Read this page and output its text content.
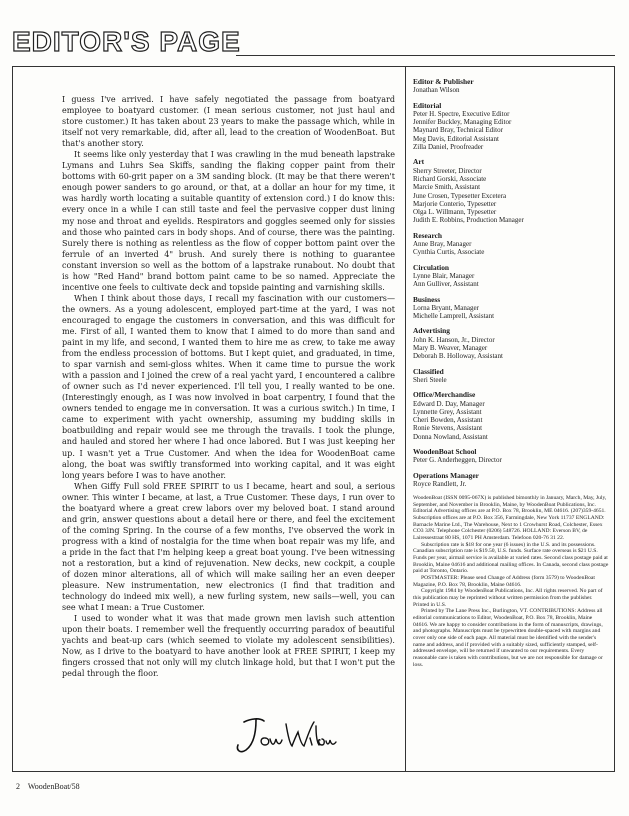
EDITOR'S PAGE

I guess I've arrived. I have safely negotiated the passage from boatyard employee to boatyard customer. (I mean serious customer, not just haul and store customer.) It has taken about 23 years to make the passage which, while in itself not very remarkable, did, after all, lead to the creation of WoodenBoat. But that's another story.

It seems like only yesterday that I was crawling in the mud beneath lapstrake Lymans and Luhrs Sea Skiffs, sanding the flaking copper paint from their bottoms with 60-grit paper on a 3M sanding block. (It may be that there weren't enough power sanders to go around, or that, at a dollar an hour for my time, it was hardly worth locating a suitable quantity of extension cord.) I do know this: every once in a while I can still taste and feel the pervasive copper dust lining my nose and throat and eyelids. Respirators and goggles seemed only for sissies and those who painted cars in body shops. And of course, there was the painting. Surely there is nothing as relentless as the flow of copper bottom paint over the ferrule of an inverted 4" brush. And surely there is nothing to guarantee constant inversion so well as the bottom of a lapstrake runabout. No doubt that is how "Red Hand" brand bottom paint came to be so named. Appreciate the incentive one feels to cultivate deck and topside painting and varnishing skills.

When I think about those days, I recall my fascination with our customers—the owners. As a young adolescent, employed part-time at the yard, I was not encouraged to engage the customers in conversation, and this was difficult for me. First of all, I wanted them to know that I aimed to do more than sand and paint in my life, and second, I wanted them to hire me as crew, to take me away from the endless procession of bottoms. But I kept quiet, and graduated, in time, to spar varnish and semi-gloss whites. When it came time to pursue the work with a passion and I joined the crew of a real yacht yard, I encountered a calibre of owner such as I'd never experienced. I'll tell you, I really wanted to be one. (Interestingly enough, as I was now involved in boat carpentry, I found that the owners tended to engage me in conversation. It was a curious switch.) In time, I came to experiment with yacht ownership, assuming my budding skills in boatbuilding and repair would see me through the travails. I took the plunge, and hauled and stored her where I had once labored. But I was just keeping her up. I wasn't yet a True Customer. And when the idea for WoodenBoat came along, the boat was swiftly transformed into working capital, and it was eight long years before I was to have another.

When Giffy Full sold FREE SPIRIT to us I became, heart and soul, a serious owner. This winter I became, at last, a True Customer. These days, I run over to the boatyard where a great crew labors over my beloved boat. I stand around and grin, answer questions about a detail here or there, and feel the excitement of the coming Spring. In the course of a few months, I've observed the work in progress with a kind of nostalgia for the time when boat repair was my life, and a pride in the fact that I'm helping keep a great boat young. I've been witnessing not a restoration, but a kind of rejuvenation. New decks, new cockpit, a couple of dozen minor alterations, all of which will make sailing her an even deeper pleasure. New instrumentation, new electronics (I find that tradition and technology do indeed mix well), a new furling system, new sails—well, you can see what I mean: a True Customer.

I used to wonder what it was that made grown men lavish such attention upon their boats. I remember well the frequently occurring paradox of beautiful yachts and beat-up cars (which seemed to violate my adolescent sensibilities). Now, as I drive to the boatyard to have another look at FREE SPIRIT, I keep my fingers crossed that not only will my clutch linkage hold, but that I won't put the pedal through the floor.

Editor & Publisher
Jonathan Wilson
Editorial
Peter H. Spectre, Executive Editor
Jennifer Buckley, Managing Editor
Maynard Bray, Technical Editor
Meg Davis, Editorial Assistant
Zilla Daniel, Proofreader
Art
Sherry Streeter, Director
Richard Gorski, Associate
Marcie Smith, Assistant
June Crosen, Typesetter Excetera
Marjorie Conterio, Typesetter
Olga L. Willmann, Typesetter
Judith E. Robbins, Production Manager
Research
Anne Bray, Manager
Cynthia Curtis, Associate
Circulation
Lynne Blair, Manager
Ann Gulliver, Assistant
Business
Lorna Bryant, Manager
Michelle Lamprell, Assistant
Advertising
John K. Hanson, Jr., Director
Mary B. Weaver, Manager
Deborah B. Holloway, Assistant
Classified
Sheri Steele
Office/Merchandise
Edward D. Day, Manager
Lynnette Grey, Assistant
Cheri Bowden, Assistant
Ronie Stevens, Assistant
Donna Nowland, Assistant
WoodenBoat School
Peter G. Anderheggen, Director
Operations Manager
Royce Randlett, Jr.
WoodenBoat (ISSN 0095-067X) is published bimonthly in January, March, May, July, September, and November in Brooklin, Maine, by WoodenBoat Publications, Inc. Editorial Advertising offices are at P.O. Box 78, Brooklin, ME 04616. (207)359-4651. Subscription offices are at P.O. Box 356, Farmingdale, New York 11737 ENGLAND: Barnacle Marine Ltd., The Warehouse, Next to 1 Crowhurst Road, Colchester, Essex CO3 3JN. Telephone Colchester (0206) 548726. HOLLAND: Everson BV, de Lairessestraat 80 HS, 1071 PH Amsterdam. Telefoon 020-76 31 22.
Subscription rate is $18 for one year (6 issues) in the U.S. and its possessions. Canadian subscription rate is $19.50, U.S. funds. Surface rate overseas is $21 U.S. Funds per year, airmail service is available at varied rates. Second class postage paid at Brooklin, Maine 04616 and additional mailing offices. In Canada, second class postage paid at Toronto, Ontario.
POSTMASTER: Please send Change of Address (form 3579) to WoodenBoat Magazine, P.O. Box 78, Brooklin, Maine 04616.
Copyright 1984 by WoodenBoat Publications, Inc. All rights reserved. No part of this publication may be reprinted without written permission from the publisher. Printed in U.S.
Printed by The Lane Press Inc., Burlington, VT. CONTRIBUTIONS: Address all editorial communications to Editor, WoodenBoat, P.O. Box 78, Brooklin, Maine 04616. We are happy to consider contributions in the form of manuscripts, drawings, and photographs. Manuscripts must be typewritten double-spaced with margins and cover only one side of each page. All material must be identified with the sender's name and address, and if provided with a suitably sized, sufficiently stamped, self-addressed envelope, will be returned if unwanted to our requirements. Every reasonable care is taken with contributions, but we are not responsible for damage or loss.
2 WoodenBoat/58
